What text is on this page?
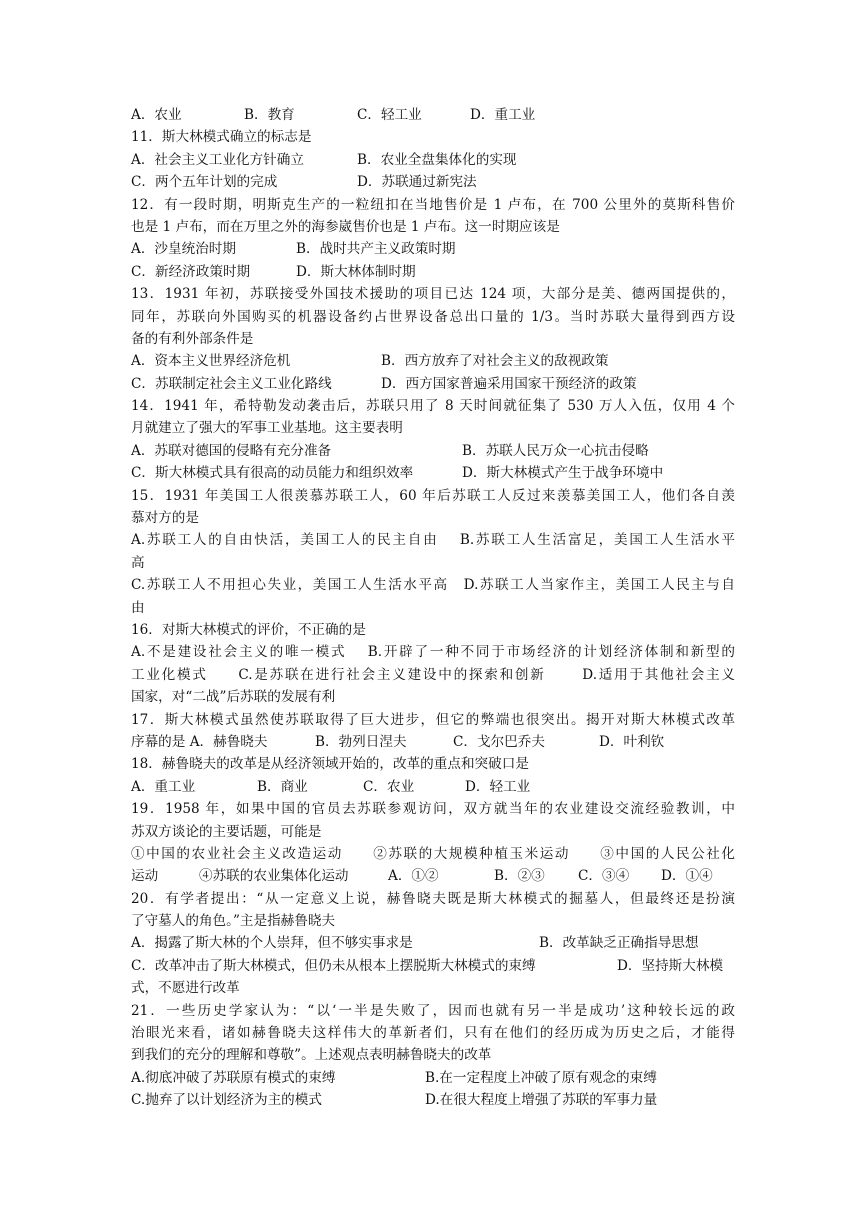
A．农业	B．教育	C．轻工业	D．重工业
11．斯大林模式确立的标志是
A．社会主义工业化方针确立	B．农业全盘集体化的实现
C．两个五年计划的完成	D．苏联通过新宪法
12．有一段时期，明斯克生产的一粒纽扣在当地售价是 1 卢布，在 700 公里外的莫斯科售价
也是 1 卢布，而在万里之外的海参崴售价也是 1 卢布。这一时期应该是
A．沙皇统治时期	B．战时共产主义政策时期
C．新经济政策时期	D．斯大林体制时期
13．1931 年初，苏联接受外国技术援助的项目已达 124 项，大部分是美、德两国提供的，
同年，苏联向外国购买的机器设备约占世界设备总出口量的 1/3。当时苏联大量得到西方设
备的有利外部条件是
A．资本主义世界经济危机	B．西方放弃了对社会主义的敌视政策
C．苏联制定社会主义工业化路线	D．西方国家普遍采用国家干预经济的政策
14．1941 年，希特勒发动袭击后，苏联只用了 8 天时间就征集了 530 万人入伍，仅用 4 个
月就建立了强大的军事工业基地。这主要表明
A．苏联对德国的侵略有充分准备	B．苏联人民万众一心抗击侵略
C．斯大林模式具有很高的动员能力和组织效率	D．斯大林模式产生于战争环境中
15．1931 年美国工人很羡慕苏联工人，60 年后苏联工人反过来羡慕美国工人，他们各自羡
慕对方的是
A.苏联工人的自由快活，美国工人的民主自由　 B.苏联工人生活富足，美国工人生活水平
高
C.苏联工人不用担心失业，美国工人生活水平高　D.苏联工人当家作主，美国工人民主与自
由
16．对斯大林模式的评价，不正确的是
A.不是建设社会主义的唯一模式　 B.开辟了一种不同于市场经济的计划经济体制和新型的
工业化模式　　C.是苏联在进行社会主义建设中的探索和创新　　 D.适用于其他社会主义
国家，对“二战”后苏联的发展有利
17．斯大林模式虽然使苏联取得了巨大进步，但它的弊端也很突出。揭开对斯大林模式改革
序幕的是 A．赫鲁晓夫	B．勃列日涅夫	C．戈尔巴乔夫	D．叶利钦
18．赫鲁晓夫的改革是从经济领域开始的，改革的重点和突破口是
A．重工业	B．商业	C．农业	D．轻工业
19．1958 年，如果中国的官员去苏联参观访问，双方就当年的农业建设交流经验教训，中
苏双方谈论的主要话题，可能是
①中国的农业社会主义改造运动　　②苏联的大规模种植玉米运动　　③中国的人民公社化
运动	④苏联的农业集体化运动	A．①②	B．②③ C．③④ D．①④
20．有学者提出：“从一定意义上说，赫鲁晓夫既是斯大林模式的掘墓人，但最终还是扮演
了守墓人的角色。”主是指赫鲁晓夫
A．揭露了斯大林的个人崇拜，但不够实事求是	B．改革缺乏正确指导思想
C．改革冲击了斯大林模式，但仍未从根本上摆脱斯大林模式的束缚	D．坚持斯大林模
式，不愿进行改革
21．一些历史学家认为：“以‘一半是失败了，因而也就有另一半是成功’这种较长远的政
治眼光来看，诸如赫鲁晓夫这样伟大的革新者们，只有在他们的经历成为历史之后，才能得
到我们的充分的理解和尊敬”。上述观点表明赫鲁晓夫的改革
A.彻底冲破了苏联原有模式的束缚	B.在一定程度上冲破了原有观念的束缚
C.抛弃了以计划经济为主的模式	D.在很大程度上增强了苏联的军事力量
